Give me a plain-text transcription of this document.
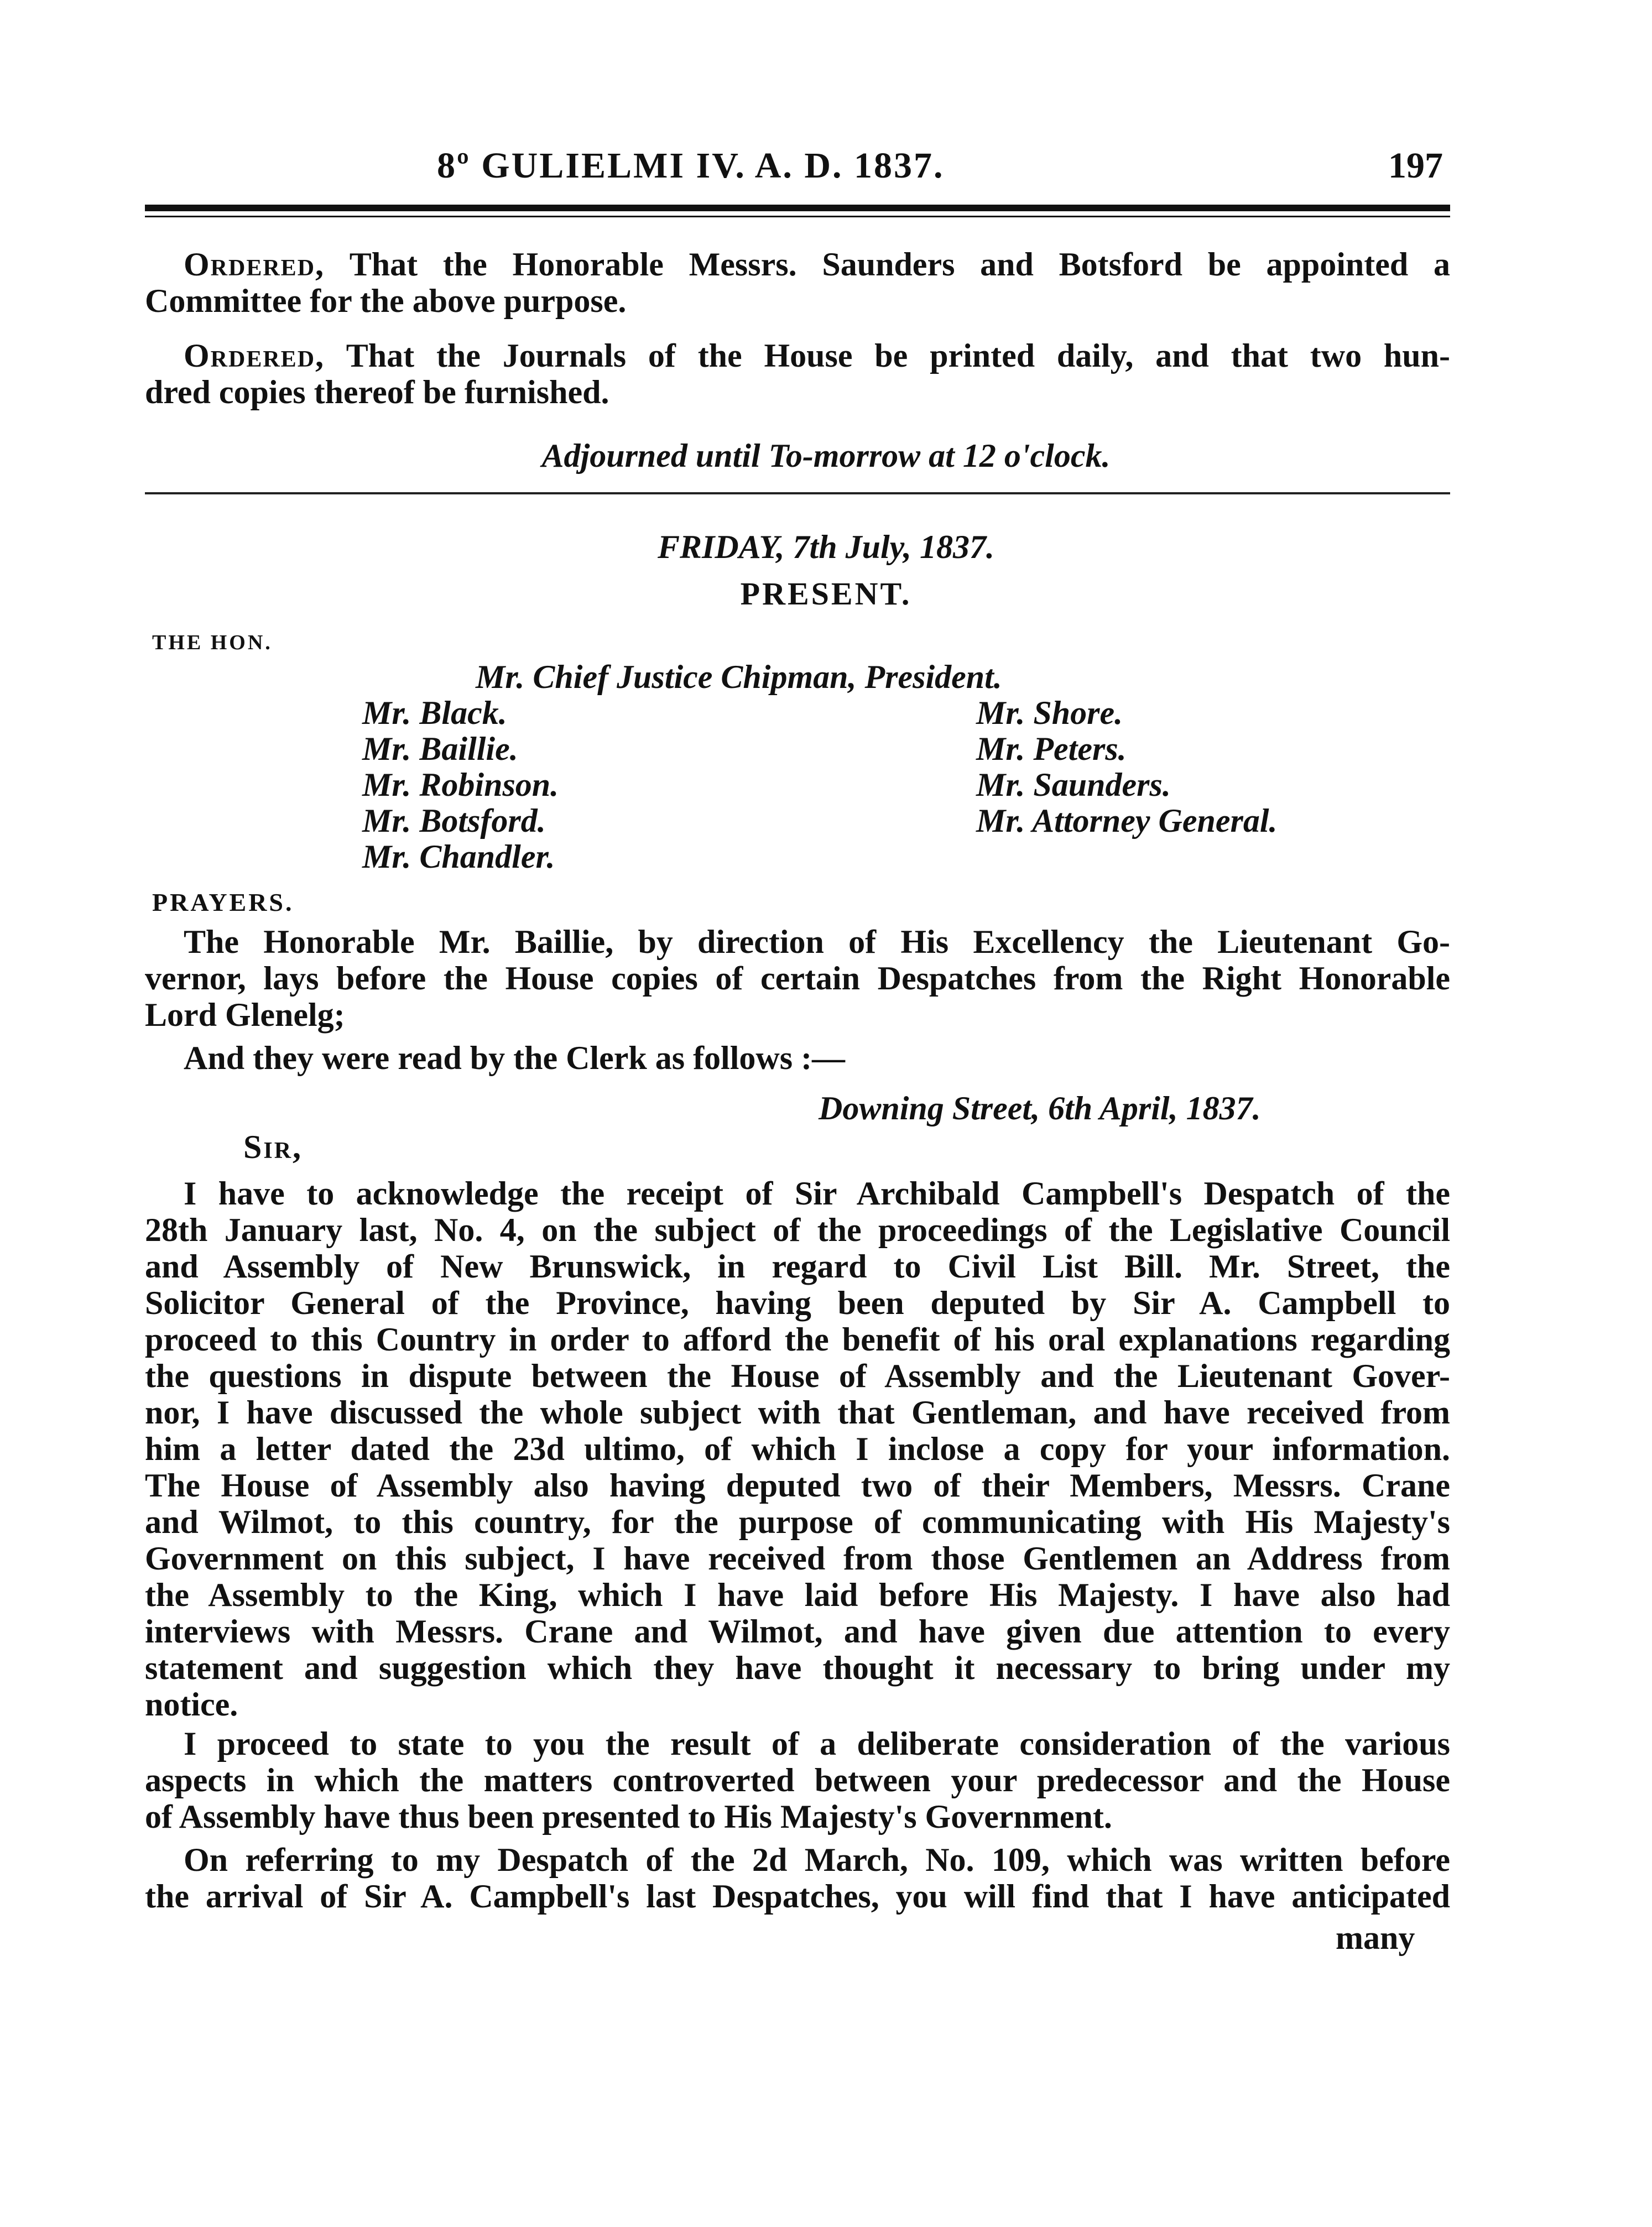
8º GULIELMI IV. A. D. 1837.	197
Ordered, That the Honorable Messrs. Saunders and Botsford be appointed a
Committee for the above purpose.
Ordered, That the Journals of the House be printed daily, and that two hun-
dred copies thereof be furnished.
Adjourned until To-morrow at 12 o'clock.
FRIDAY, 7th July, 1837.
PRESENT.
THE HON.
Mr. Chief Justice Chipman, President.
Mr. Black.
Mr. Baillie.
Mr. Robinson.
Mr. Botsford.
Mr. Chandler.
Mr. Shore.
Mr. Peters.
Mr. Saunders.
Mr. Attorney General.
PRAYERS.
The Honorable Mr. Baillie, by direction of His Excellency the Lieutenant Go-
vernor, lays before the House copies of certain Despatches from the Right Honorable
Lord Glenelg;
And they were read by the Clerk as follows :—
Downing Street, 6th April, 1837.
Sir,
I have to acknowledge the receipt of Sir Archibald Campbell's Despatch of the
28th January last, No. 4, on the subject of the proceedings of the Legislative Council
and Assembly of New Brunswick, in regard to Civil List Bill. Mr. Street, the
Solicitor General of the Province, having been deputed by Sir A. Campbell to
proceed to this Country in order to afford the benefit of his oral explanations regarding
the questions in dispute between the House of Assembly and the Lieutenant Gover-
nor, I have discussed the whole subject with that Gentleman, and have received from
him a letter dated the 23d ultimo, of which I inclose a copy for your information.
The House of Assembly also having deputed two of their Members, Messrs. Crane
and Wilmot, to this country, for the purpose of communicating with His Majesty's
Government on this subject, I have received from those Gentlemen an Address from
the Assembly to the King, which I have laid before His Majesty. I have also had
interviews with Messrs. Crane and Wilmot, and have given due attention to every
statement and suggestion which they have thought it necessary to bring under my
notice.
I proceed to state to you the result of a deliberate consideration of the various
aspects in which the matters controverted between your predecessor and the House
of Assembly have thus been presented to His Majesty's Government.
On referring to my Despatch of the 2d March, No. 109, which was written before
the arrival of Sir A. Campbell's last Despatches, you will find that I have anticipated
many
